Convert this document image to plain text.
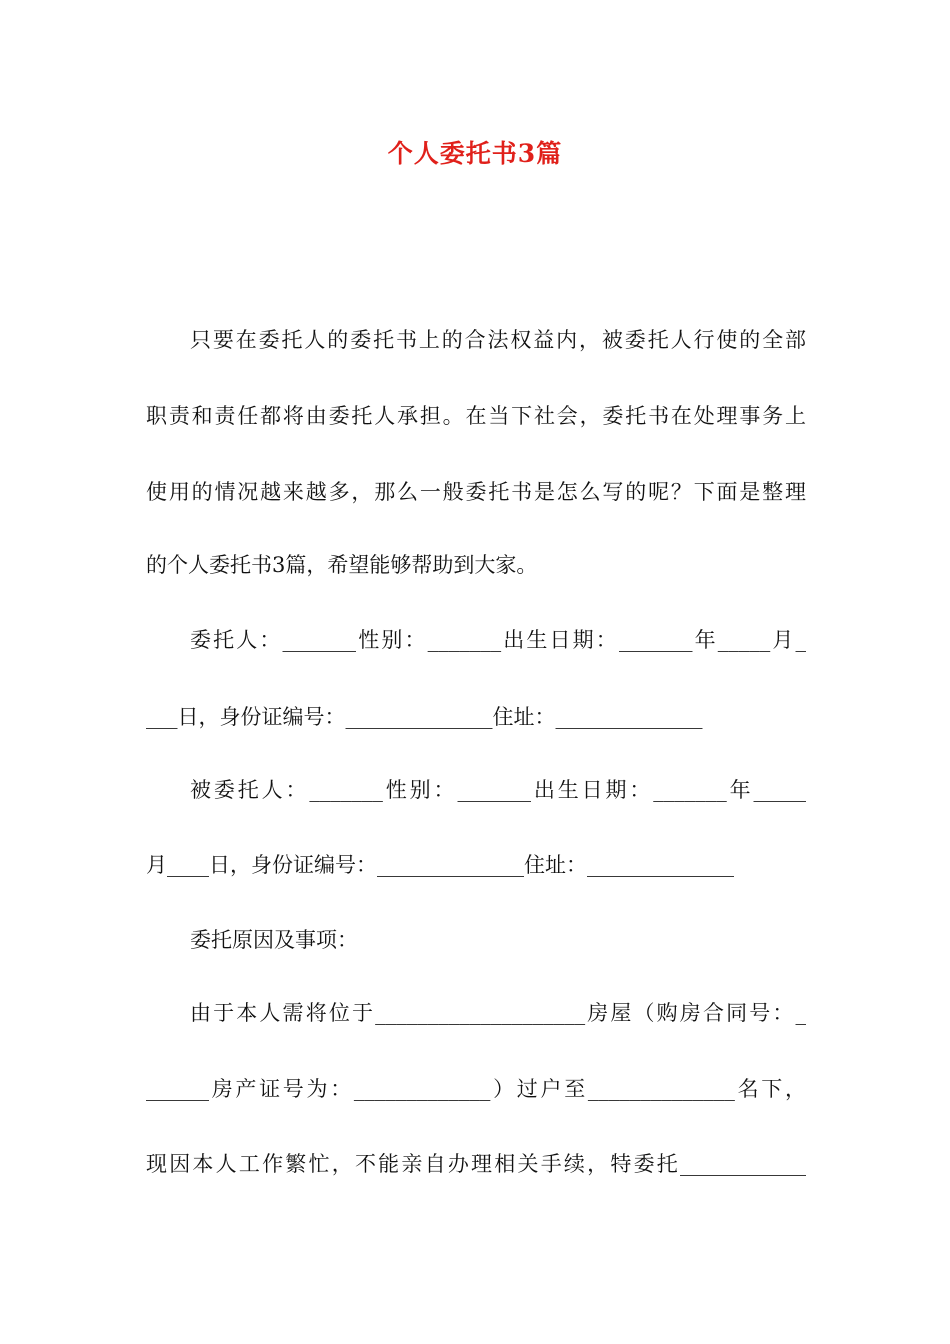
个人委托书3篇
只要在委托人的委托书上的合法权益内，被委托人行使的全部
职责和责任都将由委托人承担。在当下社会，委托书在处理事务上
使用的情况越来越多，那么一般委托书是怎么写的呢？下面是整理
的个人委托书3篇，希望能够帮助到大家。
委托人：_______性别：_______出生日期：_______年_____月_
___日，身份证编号：______________住址：______________
被委托人：_______性别：_______出生日期：_______年_____
月____日，身份证编号：______________住址：______________
委托原因及事项：
由于本人需将位于____________________房屋（购房合同号：_
______房产证号为：_____________）过户至______________名下，
现因本人工作繁忙，不能亲自办理相关手续，特委托____________
